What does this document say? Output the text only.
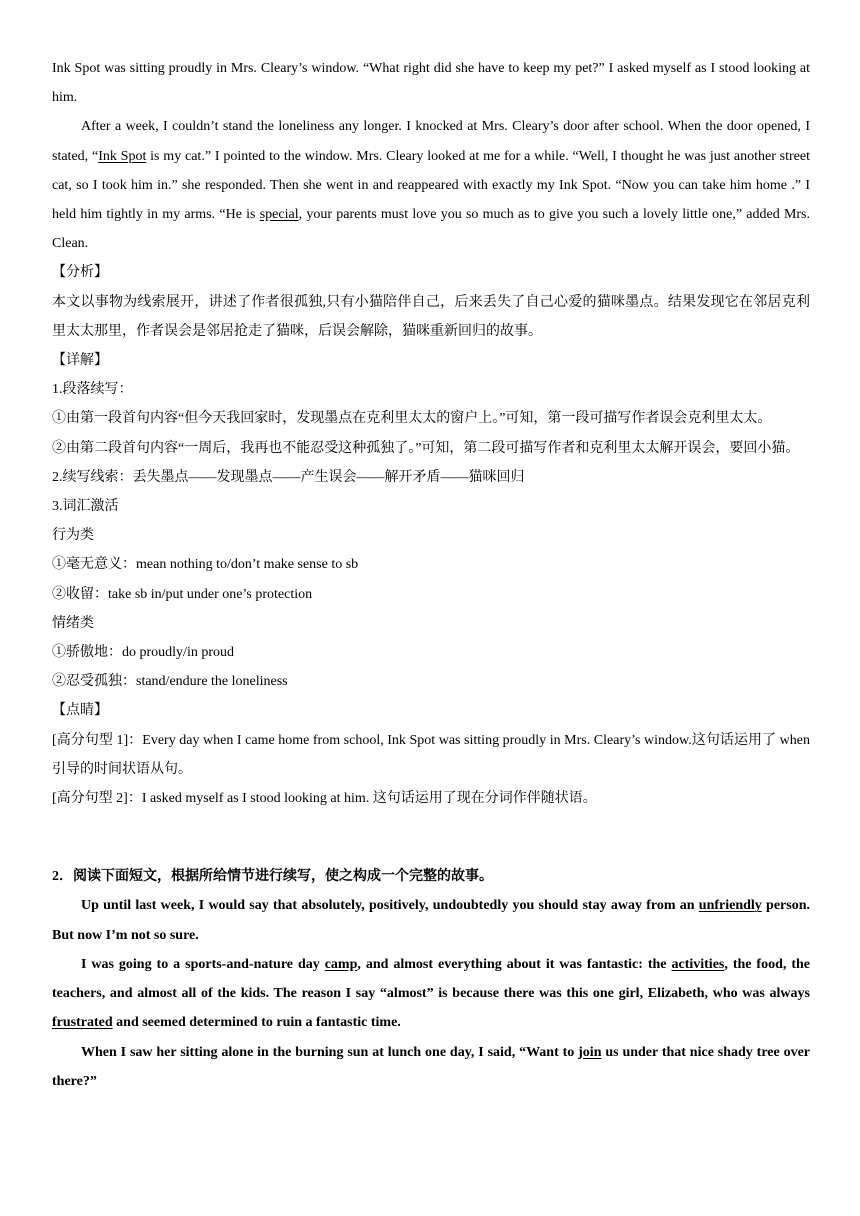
Ink Spot was sitting proudly in Mrs. Cleary’s window. “What right did she have to keep my pet?” I asked myself as I stood looking at him.

After a week, I couldn’t stand the loneliness any longer. I knocked at Mrs. Cleary’s door after school. When the door opened, I stated, “Ink Spot is my cat.” I pointed to the window. Mrs. Cleary looked at me for a while. “Well, I thought he was just another street cat, so I took him in.” she responded. Then she went in and reappeared with exactly my Ink Spot. “Now you can take him home .” I held him tightly in my arms. “He is special, your parents must love you so much as to give you such a lovely little one,” added Mrs. Clean.

【分析】

本文以事物为线索展开，讲述了作者很孤独,只有小猫陪伴自己，后来丢失了自己心爱的猫咪墨点。结果发现它在邻居克利里太太那里，作者误会是邻居抢走了猫咪，后误会解除，猫咪重新回归的故事。

【详解】

1.段落续写：

①由第一段首句内容“但今天我回家时，发现墨点在克利里太太的窗户上。”可知，第一段可描写作者误会克利里太太。

②由第二段首句内容“一周后，我再也不能忍受这种孤独了。”可知，第二段可描写作者和克利里太太解开误会，要回小猫。

2.续写线索：丢失墨点——发现墨点——产生误会——解开矛盾——猫咪回归

3.词汇激活

行为类

①毫无意义：mean nothing to/don’t make sense to sb

②收留：take sb in/put under one’s protection

情绪类

①骄傲地：do proudly/in proud

②忍受孤独：stand/endure the loneliness

【点睛】

[高分句型 1]：Every day when I came home from school, Ink Spot was sitting proudly in Mrs. Cleary’s window.这句话运用了 when 引导的时间状语从句。

[高分句型 2]：I asked myself as I stood looking at him. 这句话运用了现在分词作伴随状语。

2．阅读下面短文，根据所给情节进行续写，使之构成一个完整的故事。

Up until last week, I would say that absolutely, positively, undoubtedly you should stay away from an unfriendly person. But now I’m not so sure.

I was going to a sports-and-nature day camp, and almost everything about it was fantastic: the activities, the food, the teachers, and almost all of the kids. The reason I say “almost” is because there was this one girl, Elizabeth, who was always frustrated and seemed determined to ruin a fantastic time.

When I saw her sitting alone in the burning sun at lunch one day, I said, “Want to join us under that nice shady tree over there?”
